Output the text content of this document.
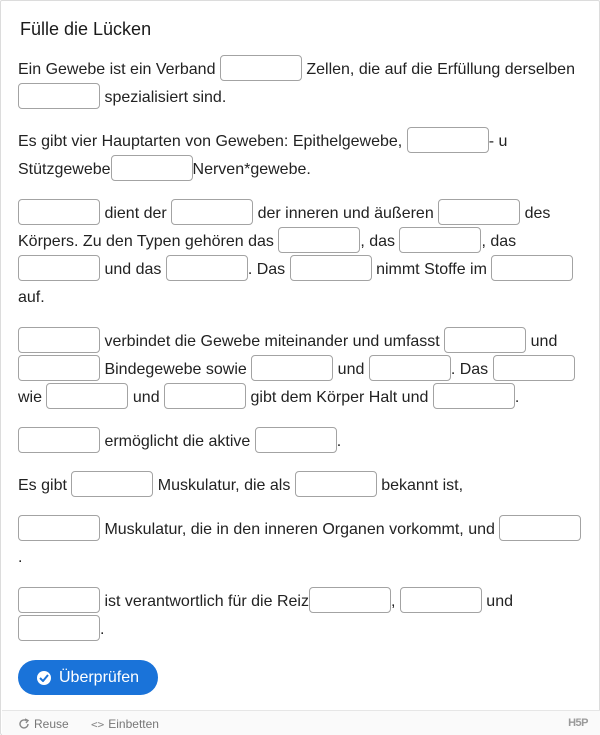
Fülle die Lücken
Ein Gewebe ist ein Verband	Zellen, die auf die Erfüllung derselben  spezialisiert sind.
Es gibt vier Hauptarten von Geweben: Epithelgewebe,	- u Stützgewebe	Nerven*gewebe.
dient der	der inneren und äußeren	des Körpers. Zu den Typen gehören das	, das	, das  und das	. Das	nimmt Stoffe im	auf.
verbindet die Gewebe miteinander und umfasst	und  Bindegewebe sowie	und	. Das	wie	und	gibt dem Körper Halt und	.
ermöglicht die aktive	.
Es gibt	Muskulatur, die als	bekannt ist,
Muskulatur, die in den inneren Organen vorkommt, und	.
ist verantwortlich für die Reiz	,	und .
Überprüfen
Reuse <> Einbetten	H5P
